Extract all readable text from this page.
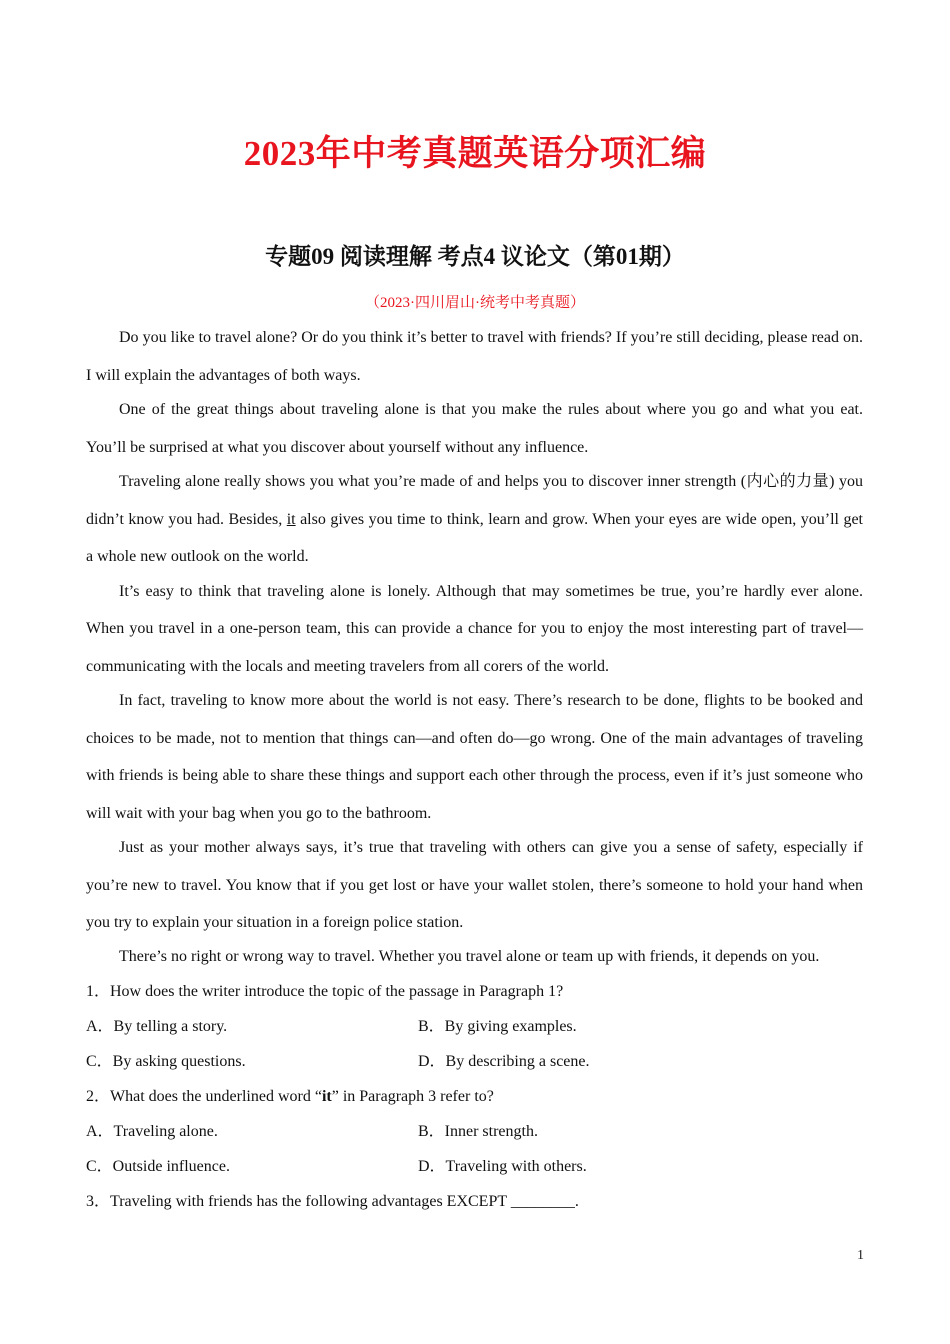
2023年中考真题英语分项汇编
专题09 阅读理解 考点4 议论文（第01期）
（2023·四川眉山·统考中考真题）

Do you like to travel alone? Or do you think it’s better to travel with friends? If you’re still deciding, please read on. I will explain the advantages of both ways.

One of the great things about traveling alone is that you make the rules about where you go and what you eat. You’ll be surprised at what you discover about yourself without any influence.

Traveling alone really shows you what you’re made of and helps you to discover inner strength (内心的力量) you didn’t know you had. Besides, it also gives you time to think, learn and grow. When your eyes are wide open, you’ll get a whole new outlook on the world.

It’s easy to think that traveling alone is lonely. Although that may sometimes be true, you’re hardly ever alone. When you travel in a one-person team, this can provide a chance for you to enjoy the most interesting part of travel—communicating with the locals and meeting travelers from all corers of the world.

In fact, traveling to know more about the world is not easy. There’s research to be done, flights to be booked and choices to be made, not to mention that things can—and often do—go wrong. One of the main advantages of traveling with friends is being able to share these things and support each other through the process, even if it’s just someone who will wait with your bag when you go to the bathroom.

Just as your mother always says, it’s true that traveling with others can give you a sense of safety, especially if you’re new to travel. You know that if you get lost or have your wallet stolen, there’s someone to hold your hand when you try to explain your situation in a foreign police station.

There’s no right or wrong way to travel. Whether you travel alone or team up with friends, it depends on you.

1．How does the writer introduce the topic of the passage in Paragraph 1?

A．By telling a story.	B．By giving examples.
C．By asking questions.	D．By describing a scene.

2．What does the underlined word “it” in Paragraph 3 refer to?

A．Traveling alone.	B．Inner strength.
C．Outside influence.	D．Traveling with others.

3．Traveling with friends has the following advantages EXCEPT ________.

1
